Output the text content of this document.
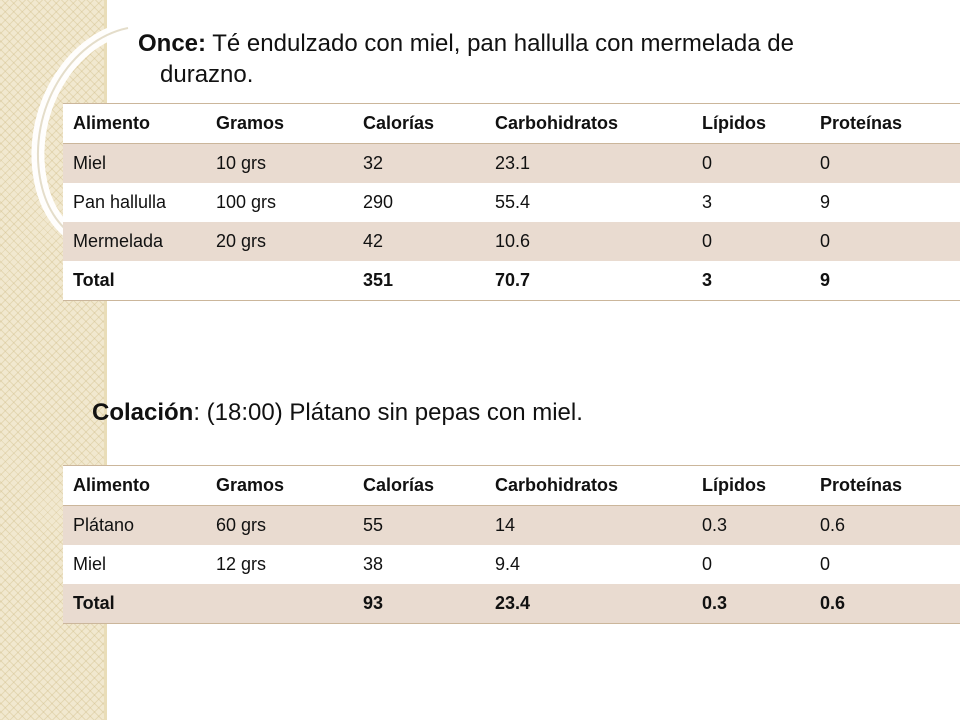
Once: Té endulzado con miel, pan hallulla con mermelada de
durazno.
Alimento	Gramos	Calorías	Carbohidratos	Lípidos	Proteínas
Miel	10 grs	32	23.1	0	0
Pan hallulla	100 grs	290	55.4	3	9
Mermelada	20 grs	42	10.6	0	0
Total		351	70.7	3	9
Colación: (18:00) Plátano sin pepas con miel.
Alimento	Gramos	Calorías	Carbohidratos	Lípidos	Proteínas
Plátano	60 grs	55	14	0.3	0.6
Miel	12 grs	38	9.4	0	0
Total		93	23.4	0.3	0.6
